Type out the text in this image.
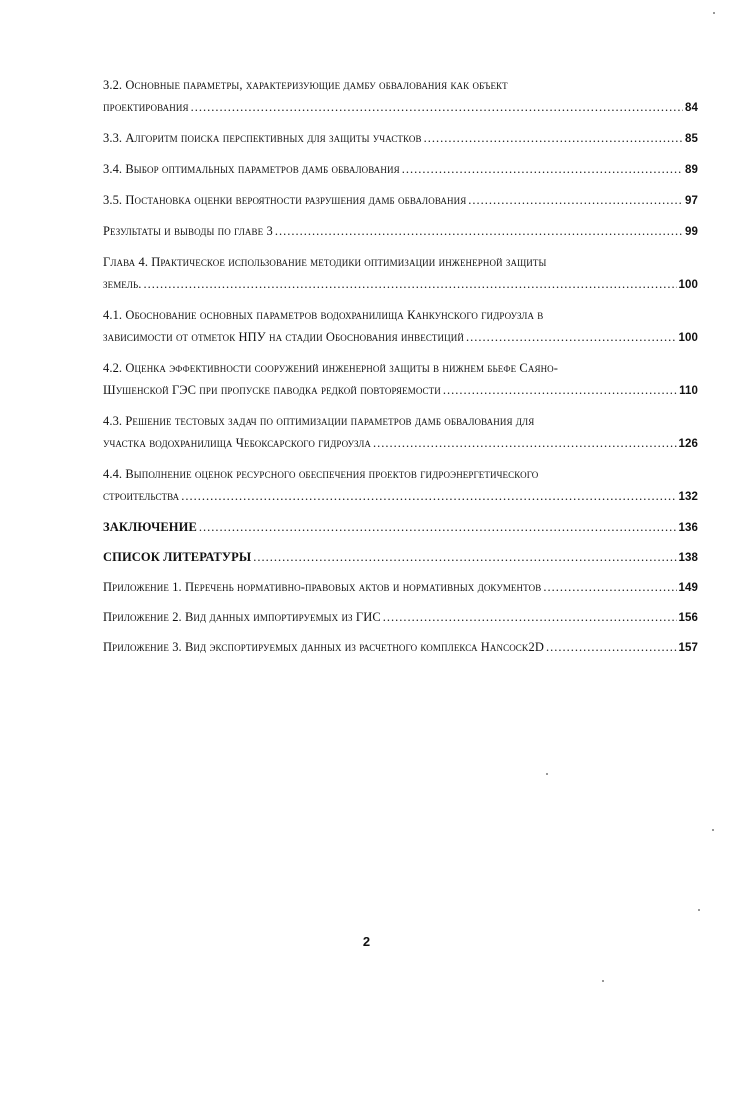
3.2. Основные параметры, характеризующие дамбу обвалования как объект
проектирования .....	84
3.3. Алгоритм поиска перспективных для защиты участков .....	85
3.4. Выбор оптимальных параметров дамб обвалования .....	89
3.5. Постановка оценки вероятности разрушения дамб обвалования .....	97
Результаты и выводы по главе 3 .....	99
Глава 4. Практическое использование методики оптимизации инженерной защиты
земель. .....	100
4.1. Обоснование основных параметров водохранилища Канкунского гидроузла в
зависимости от отметок НПУ на стадии Обоснования инвестиций .....	100
4.2. Оценка эффективности сооружений инженерной защиты в нижнем бьефе Саяно-
Шушенской ГЭС при пропуске паводка редкой повторяемости .....	110
4.3. Решение тестовых задач по оптимизации параметров дамб обвалования для
участка водохранилища Чебоксарского гидроузла .....	126
4.4. Выполнение оценок ресурсного обеспечения проектов гидроэнергетического
строительства .....	132
ЗАКЛЮЧЕНИЕ .....	136
СПИСОК ЛИТЕРАТУРЫ .....	138
Приложение 1. Перечень нормативно-правовых актов и нормативных документов .....	149
Приложение 2. Вид данных импортируемых из ГИС .....	156
Приложение 3. Вид экспортируемых данных из расчетного комплекса Hancock2D .....	157
2
